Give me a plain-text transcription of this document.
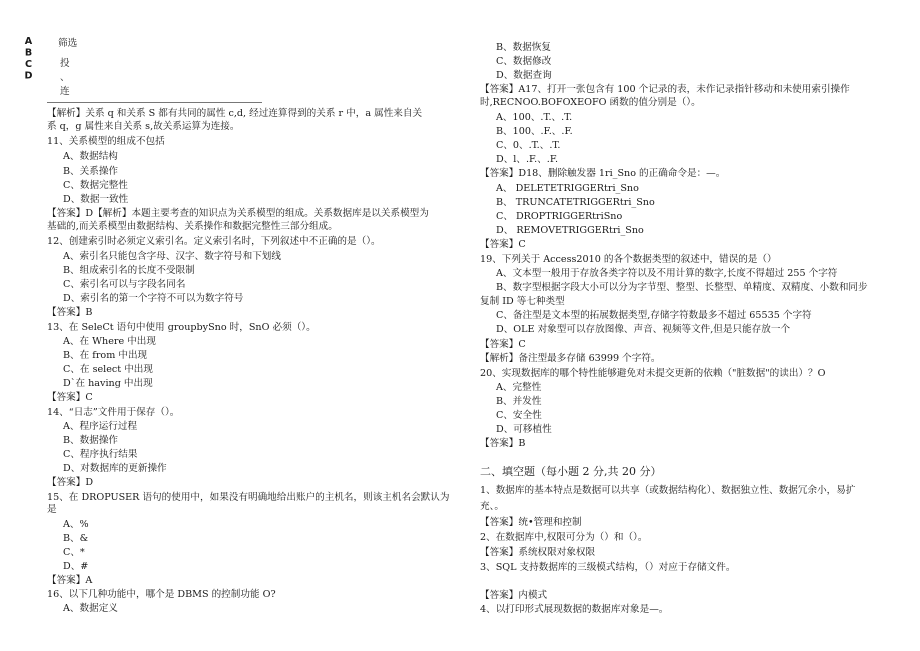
ABCD	筛选
投
、
连
【解析】关系 q 和关系 S 都有共同的属性 c,d, 经过连算得到的关系 r 中，a 属性来自关
系 q，g 属性来自关系 s,故关系运算为连接。
11、关系模型的组成不包括
A、数据结构
B、关系操作
C、数据完整性
D、数据一致性
【答案】D【解析】本题主要考查的知识点为关系模型的组成。关系数据库是以关系模型为
基础的,而关系模型由数据结构、关系操作和数据完整性三部分组成。
12、创建索引时必须定义索引名。定义索引名时，下列叙述中不正确的是（）。
A、索引名只能包含字母、汉字、数字符号和下划线
B、组成索引名的长度不受限制
C、索引名可以与字段名同名
D、索引名的第一个字符不可以为数字符号
【答案】B
13、在 SeleCt 语句中使用 groupbySno 时，SnO 必须（）。
A、在 Where 中出现
B、在 from 中出现
C、在 select 中出现
D`在 having 中出现
【答案】C
14、“日志”文件用于保存（）。
A、程序运行过程
B、数据操作
C、程序执行结果
D、对数据库的更新操作
【答案】D
15、在 DROPUSER 语句的使用中，如果没有明确地给出账户的主机名，则该主机名会默认为
是
A、%
B、&
C、*
D、#
【答案】A
16、以下几种功能中，哪个是 DBMS 的控制功能 O?
A、数据定义
B、数据恢复
C、数据修改
D、数据查询
【答案】A17、打开一张包含有 100 个记录的表，未作记录指针移动和未使用索引操作
时,RECNOO.BOFOXEOFO 函数的值分别是（）。
A、100、.T.、.T.
B、100、.F.、.F.
C、0、.T.、.T.
D、l、.F.、.F.
【答案】D18、删除触发器 1ri_Sno 的正确命令是：—。
A、 DELETETRIGGERtri_Sno
B、 TRUNCATETRIGGERtri_Sno
C、 DROPTRIGGERtriSno
D、 REMOVETRIGGERtri_Sno
【答案】C
19、下列关于 Access2010 的各个数据类型的叙述中，错误的是（）
A、文本型一般用于存放各类字符以及不用计算的数字,长度不得超过 255 个字符
B、数字型根据字段大小可以分为字节型、整型、长整型、单精度、双精度、小数和同步
复制 ID 等七种类型
C、备注型是文本型的拓展数据类型,存储字符数最多不超过 65535 个字符
D、OLE 对象型可以存放图像、声音、视频等文件,但是只能存放一个
【答案】C
【解析】备注型最多存储 63999 个字符。
20、实现数据库的哪个特性能够避免对未提交更新的依赖（"脏数据"的读出）？O
A、完整性
B、并发性
C、安全性
D、可移植性
【答案】B
二、填空题（每小题 2 分,共 20 分）
1、数据库的基本特点是数据可以共享（或数据结构化）、数据独立性、数据冗余小，易扩
充、。
【答案】统•管理和控制
2、在数据库中,权限可分为（）和（）。
【答案】系统权限对象权限
3、SQL 支持数据库的三级模式结构，（）对应于存储文件。
【答案】内模式
4、以打印形式展现数据的数据库对象是—。
